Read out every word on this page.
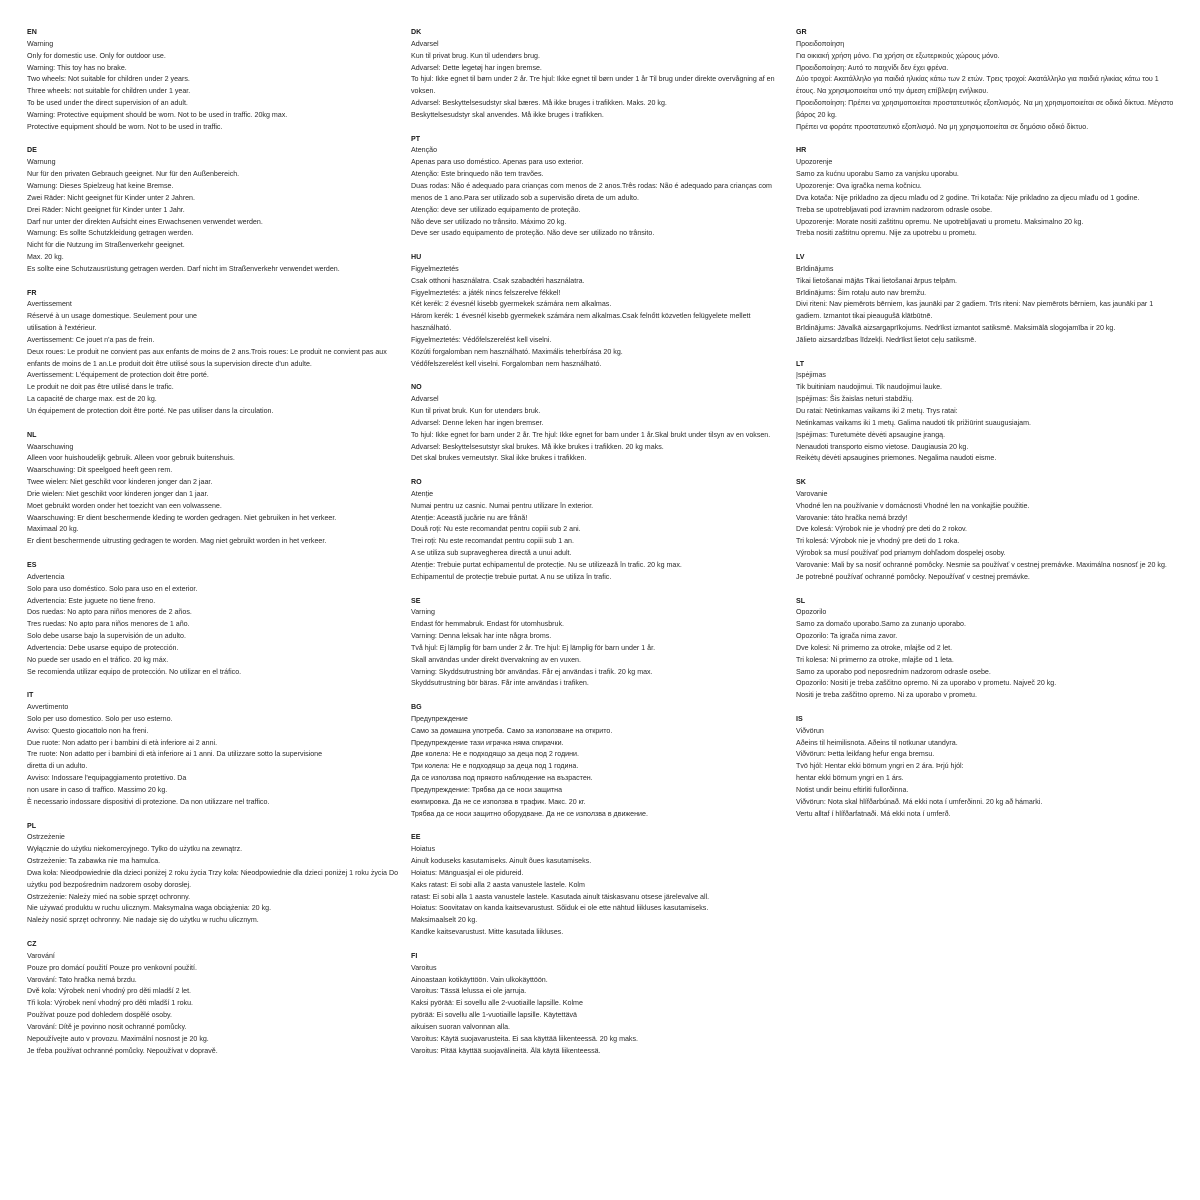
EN
Warning
Only for domestic use. Only for outdoor use.
Warning: This toy has no brake.
Two wheels: Not suitable for children under 2 years.
Three wheels: not suitable for children under 1 year.
To be used under the direct supervision of an adult.
Warning: Protective equipment should be worn. Not to be used in traffic. 20kg max.
Protective equipment should be worn. Not to be used in traffic.
DE
Warnung
Nur für den privaten Gebrauch geeignet. Nur für den Außenbereich.
Warnung: Dieses Spielzeug hat keine Bremse.
Zwei Räder: Nicht geeignet für Kinder unter 2 Jahren.
Drei Räder: Nicht geeignet für Kinder unter 1 Jahr.
Darf nur unter der direkten Aufsicht eines Erwachsenen verwendet werden.
Warnung: Es sollte Schutzkleidung getragen werden.
Nicht für die Nutzung im Straßenverkehr geeignet.
Max. 20 kg.
Es sollte eine Schutzausrüstung getragen werden. Darf nicht im Straßenverkehr verwendet werden.
FR
Avertissement
Réservé à un usage domestique. Seulement pour une
utilisation à l'extérieur.
Avertissement: Ce jouet n'a pas de frein.
Deux roues: Le produit ne convient pas aux enfants de moins de 2 ans.Trois roues: Le produit ne convient pas aux enfants de moins de 1 an.Le produit doit être utilisé sous la supervision directe d'un adulte.
Avertissement: L'équipement de protection doit être porté.
Le produit ne doit pas être utilisé dans le trafic.
La capacité de charge max. est de 20 kg.
Un équipement de protection doit être porté. Ne pas utiliser dans la circulation.
NL
Waarschuwing
Alleen voor huishoudelijk gebruik. Alleen voor gebruik buitenshuis.
Waarschuwing: Dit speelgoed heeft geen rem.
Twee wielen: Niet geschikt voor kinderen jonger dan 2 jaar.
Drie wielen: Niet geschikt voor kinderen jonger dan 1 jaar.
Moet gebruikt worden onder het toezicht van een volwassene.
Waarschuwing: Er dient beschermende kleding te worden gedragen. Niet gebruiken in het verkeer.
Maximaal 20 kg.
Er dient beschermende uitrusting gedragen te worden. Mag niet gebruikt worden in het verkeer.
ES
Advertencia
Solo para uso doméstico. Solo para uso en el exterior.
Advertencia: Este juguete no tiene freno.
Dos ruedas: No apto para niños menores de 2 años.
Tres ruedas: No apto para niños menores de 1 año.
Solo debe usarse bajo la supervisión de un adulto.
Advertencia: Debe usarse equipo de protección.
No puede ser usado en el tráfico. 20 kg máx.
Se recomienda utilizar equipo de protección. No utilizar en el tráfico.
IT
Avvertimento
Solo per uso domestico. Solo per uso esterno.
Avviso: Questo giocattolo non ha freni.
Due ruote: Non adatto per i bambini di età inferiore ai 2 anni.
Tre ruote: Non adatto per i bambini di età inferiore ai 1 anni. Da utilizzare sotto la supervisione
diretta di un adulto.
Avviso: Indossare l'equipaggiamento protettivo. Da
non usare in caso di traffico. Massimo 20 kg.
È necessario indossare dispositivi di protezione. Da non utilizzare nel traffico.
PL
Ostrzeżenie
Wyłącznie do użytku niekomercyjnego. Tylko do użytku na zewnątrz.
Ostrzeżenie: Ta zabawka nie ma hamulca.
Dwa koła: Nieodpowiednie dla dzieci poniżej 2 roku życia Trzy koła: Nieodpowiednie dla dzieci poniżej 1 roku życia Do użytku pod bezpośrednim nadzorem osoby dorosłej.
Ostrzeżenie: Należy mieć na sobie sprzęt ochronny.
Nie używać produktu w ruchu ulicznym. Maksymalna waga obciążenia: 20 kg.
Należy nosić sprzęt ochronny. Nie nadaje się do użytku w ruchu ulicznym.
CZ
Varování
Pouze pro domácí použití Pouze pro venkovní použití.
Varování: Tato hračka nemá brzdu.
Dvě kola: Výrobek není vhodný pro děti mladší 2 let.
Tři kola: Výrobek není vhodný pro děti mladší 1 roku.
Používat pouze pod dohledem dospělé osoby.
Varování: Dítě je povinno nosit ochranné pomůcky.
Nepoužívejte auto v provozu. Maximální nosnost je 20 kg.
Je třeba používat ochranné pomůcky. Nepoužívat v dopravě.
DK
Advarsel
Kun til privat brug. Kun til udendørs brug.
Advarsel: Dette legetøj har ingen bremse.
To hjul: Ikke egnet til børn under 2 år. Tre hjul: Ikke egnet til børn under 1 år Til brug under direkte overvågning af en voksen.
Advarsel: Beskyttelsesudstyr skal bæres. Må ikke bruges i trafikken. Maks. 20 kg.
Beskyttelsesudstyr skal anvendes. Må ikke bruges i trafikken.
PT
Atenção
Apenas para uso doméstico. Apenas para uso exterior.
Atenção: Este brinquedo não tem travões.
Duas rodas: Não é adequado para crianças com menos de 2 anos.Três rodas: Não é adequado para crianças com menos de 1 ano.Para ser utilizado sob a supervisão direta de um adulto.
Atenção: deve ser utilizado equipamento de proteção.
Não deve ser utilizado no trânsito. Máximo 20 kg.
Deve ser usado equipamento de proteção. Não deve ser utilizado no trânsito.
HU
Figyelmeztetés
Csak otthoni használatra. Csak szabadtéri használatra.
Figyelmeztetés: a játék nincs felszerelve fékkel!
Két kerék: 2 évesnél kisebb gyermekek számára nem alkalmas.
Három kerék: 1 évesnél kisebb gyermekek számára nem alkalmas.Csak felnőtt közvetlen felügyelete mellett használható.
Figyelmeztetés: Védőfelszerelést kell viselni.
Közúti forgalomban nem használható. Maximális teherbírása 20 kg.
Védőfelszerelést kell viselni. Forgalomban nem használható.
NO
Advarsel
Kun til privat bruk. Kun for utendørs bruk.
Advarsel: Denne leken har ingen bremser.
To hjul: Ikke egnet for barn under 2 år. Tre hjul: Ikke egnet for barn under 1 år.Skal brukt under tilsyn av en voksen.
Advarsel: Beskyttelsesutstyr skal brukes. Må ikke brukes i trafikken. 20 kg maks.
Det skal brukes verneutstyr. Skal ikke brukes i trafikken.
RO
Atenție
Numai pentru uz casnic. Numai pentru utilizare în exterior.
Atenție: Această jucărie nu are frână!
Două roți: Nu este recomandat pentru copiii sub 2 ani.
Trei roți: Nu este recomandat pentru copiii sub 1 an.
A se utiliza sub supravegherea directă a unui adult.
Atenție: Trebuie purtat echipamentul de protecție. Nu se utilizează în trafic. 20 kg max.
Echipamentul de protecție trebuie purtat. A nu se utiliza în trafic.
SE
Varning
Endast för hemmabruk. Endast för utomhusbruk.
Varning: Denna leksak har inte några broms.
Två hjul: Ej lämplig för barn under 2 år. Tre hjul: Ej lämplig för barn under 1 år.
Skall användas under direkt övervakning av en vuxen.
Varning: Skyddsutrustning bör användas. Får ej användas i trafik. 20 kg max.
Skyddsutrustning bör bäras. Får inte användas i trafiken.
BG
Предупреждение
Само за домашна употреба. Само за използване на открито.
Предупреждение тази играчка няма спирачки.
Две колела: Не е подходящо за деца под 2 години.
Три колела: Не е подходящо за деца под 1 година.
Да се използва под прякото наблюдение на възрастен.
Предупреждение: Трябва да се носи защитна
екипировка. Да не се използва в трафик. Макс. 20 кг.
Трябва да се носи защитно оборудване. Да не се използва в движение.
EE
Hoiatus
Ainult koduseks kasutamiseks. Ainult õues kasutamiseks.
Hoiatus: Mänguasjal ei ole pidureid.
Kaks ratast: Ei sobi alla 2 aasta vanustele lastele. Kolm
ratast: Ei sobi alla 1 aasta vanustele lastele. Kasutada ainult täiskasvanu otsese järelevalve all.
Hoiatus: Soovitatav on kanda kaitsevarustust. Sõiduk ei ole ette nähtud liikluses kasutamiseks.
Maksimaalselt 20 kg.
Kandke kaitsevarustust. Mitte kasutada liikluses.
FI
Varoitus
Ainoastaan kotikäyttöön. Vain ulkokäyttöön.
Varoitus: Tässä lelussa ei ole jarruja.
Kaksi pyörää: Ei sovellu alle 2-vuotiaille lapsille. Kolme
pyörää: Ei sovellu alle 1-vuotiaille lapsille. Käytettävä
aikuisen suoran valvonnan alla.
Varoitus: Käytä suojavarusteita. Ei saa käyttää liikenteessä. 20 kg maks.
Varoitus: Pitää käyttää suojavälineitä. Älä käytä liikenteessä.
GR
Προειδοποίηση
Για οικιακή χρήση μόνο. Για χρήση σε εξωτερικούς χώρους μόνο.
Προειδοποίηση: Αυτό το παιχνίδι δεν έχει φρένα.
Δύο τροχοί: Ακατάλληλο για παιδιά ηλικίας κάτω των 2 ετών. Τρεις τροχοί: Ακατάλληλο για παιδιά ηλικίας κάτω του 1 έτους. Να χρησιμοποιείται υπό την άμεση επίβλεψη ενήλικου.
Προειδοποίηση: Πρέπει να χρησιμοποιείται προστατευτικός εξοπλισμός. Να μη χρησιμοποιείται σε οδικά δίκτυα. Μέγιστο βάρος 20 kg.
Πρέπει να φοράτε προστατευτικό εξοπλισμό. Να μη χρησιμοποιείται σε δημόσιο οδικό δίκτυο.
HR
Upozorenje
Samo za kućnu uporabu Samo za vanjsku uporabu.
Upozorenje: Ova igračka nema kočnicu.
Dva kotača: Nije prikladno za djecu mlađu od 2 godine. Tri kotača: Nije prikladno za djecu mlađu od 1 godine.
Treba se upotrebljavati pod izravnim nadzorom odrasle osobe.
Upozorenje: Morate nositi zaštitnu opremu. Ne upotrebljavati u prometu. Maksimalno 20 kg.
Treba nositi zaštitnu opremu. Nije za upotrebu u prometu.
LV
Brīdinājums
Tikai lietošanai mājās Tikai lietošanai ārpus telpām.
Brīdinājums: Šim rotaļu auto nav bremžu.
Divi riteni: Nav piemērots bērniem, kas jaunāki par 2 gadiem. Trīs riteni: Nav piemērots bērniem, kas jaunāki par 1 gadiem. Izmantot tikai pieaugušā klātbūtnē.
Brīdinājums: Jāvalkā aizsargaprīkojums. Nedrīkst izmantot satiksmē. Maksimālā slogojamība ir 20 kg.
Jālieto aizsardzības līdzekļi. Nedrīkst lietot ceļu satiksmē.
LT
Įspėjimas
Tik buitiniam naudojimui. Tik naudojimui lauke.
Įspėjimas: Šis žaislas neturi stabdžių.
Du ratai: Netinkamas vaikams iki 2 metų. Trys ratai:
Netinkamas vaikams iki 1 metų. Galima naudoti tik prižiūrint suaugusiajam.
Įspėjimas: Turetumėte dėvėti apsaugine įrangą.
Nenaudoti transporto eismo vietose. Daugiausia 20 kg.
Reikėtų dėvėti apsaugines priemones. Negalima naudoti eisme.
SK
Varovanie
Vhodné len na používanie v domácnosti Vhodné len na vonkajšie použitie.
Varovanie: táto hračka nemá brzdy!
Dve kolesá: Výrobok nie je vhodný pre deti do 2 rokov.
Tri kolesá: Výrobok nie je vhodný pre deti do 1 roka.
Výrobok sa musí používať pod priamym dohľadom dospelej osoby.
Varovanie: Mali by sa nosiť ochranné pomôcky. Nesmie sa používať v cestnej premávke. Maximálna nosnosť je 20 kg.
Je potrebné používať ochranné pomôcky. Nepoužívať v cestnej premávke.
SL
Opozorilo
Samo za domačo uporabo.Samo za zunanjo uporabo.
Opozorilo: Ta igrača nima zavor.
Dve kolesi: Ni primerno za otroke, mlajše od 2 let.
Tri kolesa: Ni primerno za otroke, mlajše od 1 leta.
Samo za uporabo pod neposrednim nadzorom odrasle osebe.
Opozorilo: Nositi je treba zaščitno opremo. Ni za uporabo v prometu. Največ 20 kg.
Nositi je treba zaščitno opremo. Ni za uporabo v prometu.
IS
Viðvörun
Aðeins til heimilisnota. Aðeins til notkunar utandyra.
Viðvörun: Þetta leikfang hefur enga bremsu.
Tvö hjól: Hentar ekki börnum yngri en 2 ára. Þrjú hjól:
hentar ekki börnum yngri en 1 árs.
Notist undir beinu eftirliti fullorðinna.
Viðvörun: Nota skal hlífðarbúnað. Má ekki nota í umferðinni. 20 kg að hámarki.
Vertu alltaf í hlífðarfatnaði. Má ekki nota í umferð.
